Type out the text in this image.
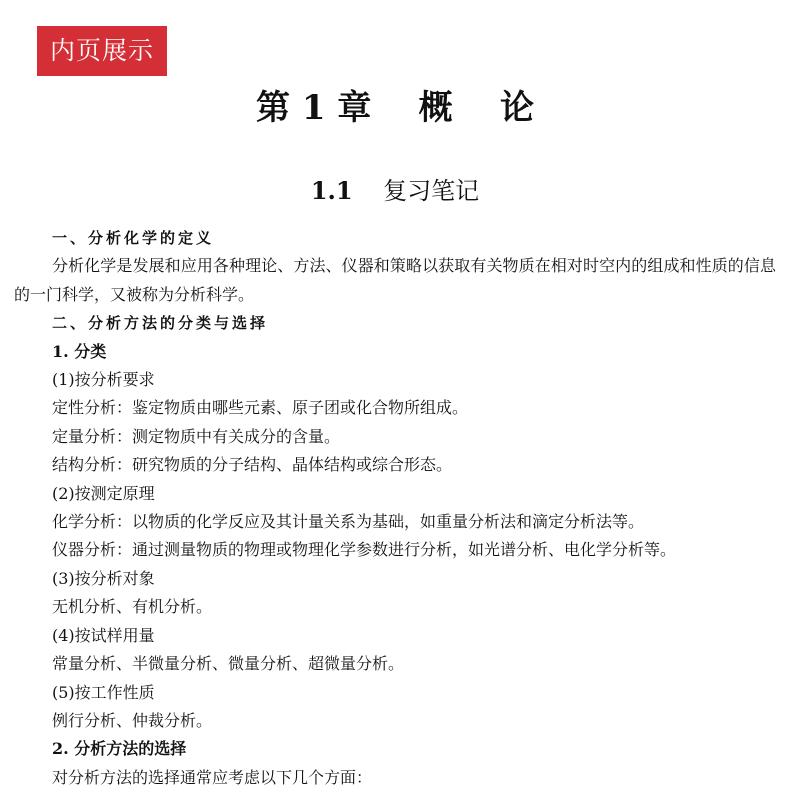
内页展示
第 1 章    概    论
1.1 复习笔记

一、分析化学的定义

分析化学是发展和应用各种理论、方法、仪器和策略以获取有关物质在相对时空内的组成和性质的信息的一门科学，又被称为分析科学。

二、分析方法的分类与选择

1. 分类

(1)按分析要求

定性分析：鉴定物质由哪些元素、原子团或化合物所组成。

定量分析：测定物质中有关成分的含量。

结构分析：研究物质的分子结构、晶体结构或综合形态。

(2)按测定原理

化学分析：以物质的化学反应及其计量关系为基础，如重量分析法和滴定分析法等。

仪器分析：通过测量物质的物理或物理化学参数进行分析，如光谱分析、电化学分析等。

(3)按分析对象

无机分析、有机分析。

(4)按试样用量

常量分析、半微量分析、微量分析、超微量分析。

(5)按工作性质

例行分析、仲裁分析。

2. 分析方法的选择

对分析方法的选择通常应考虑以下几个方面：
